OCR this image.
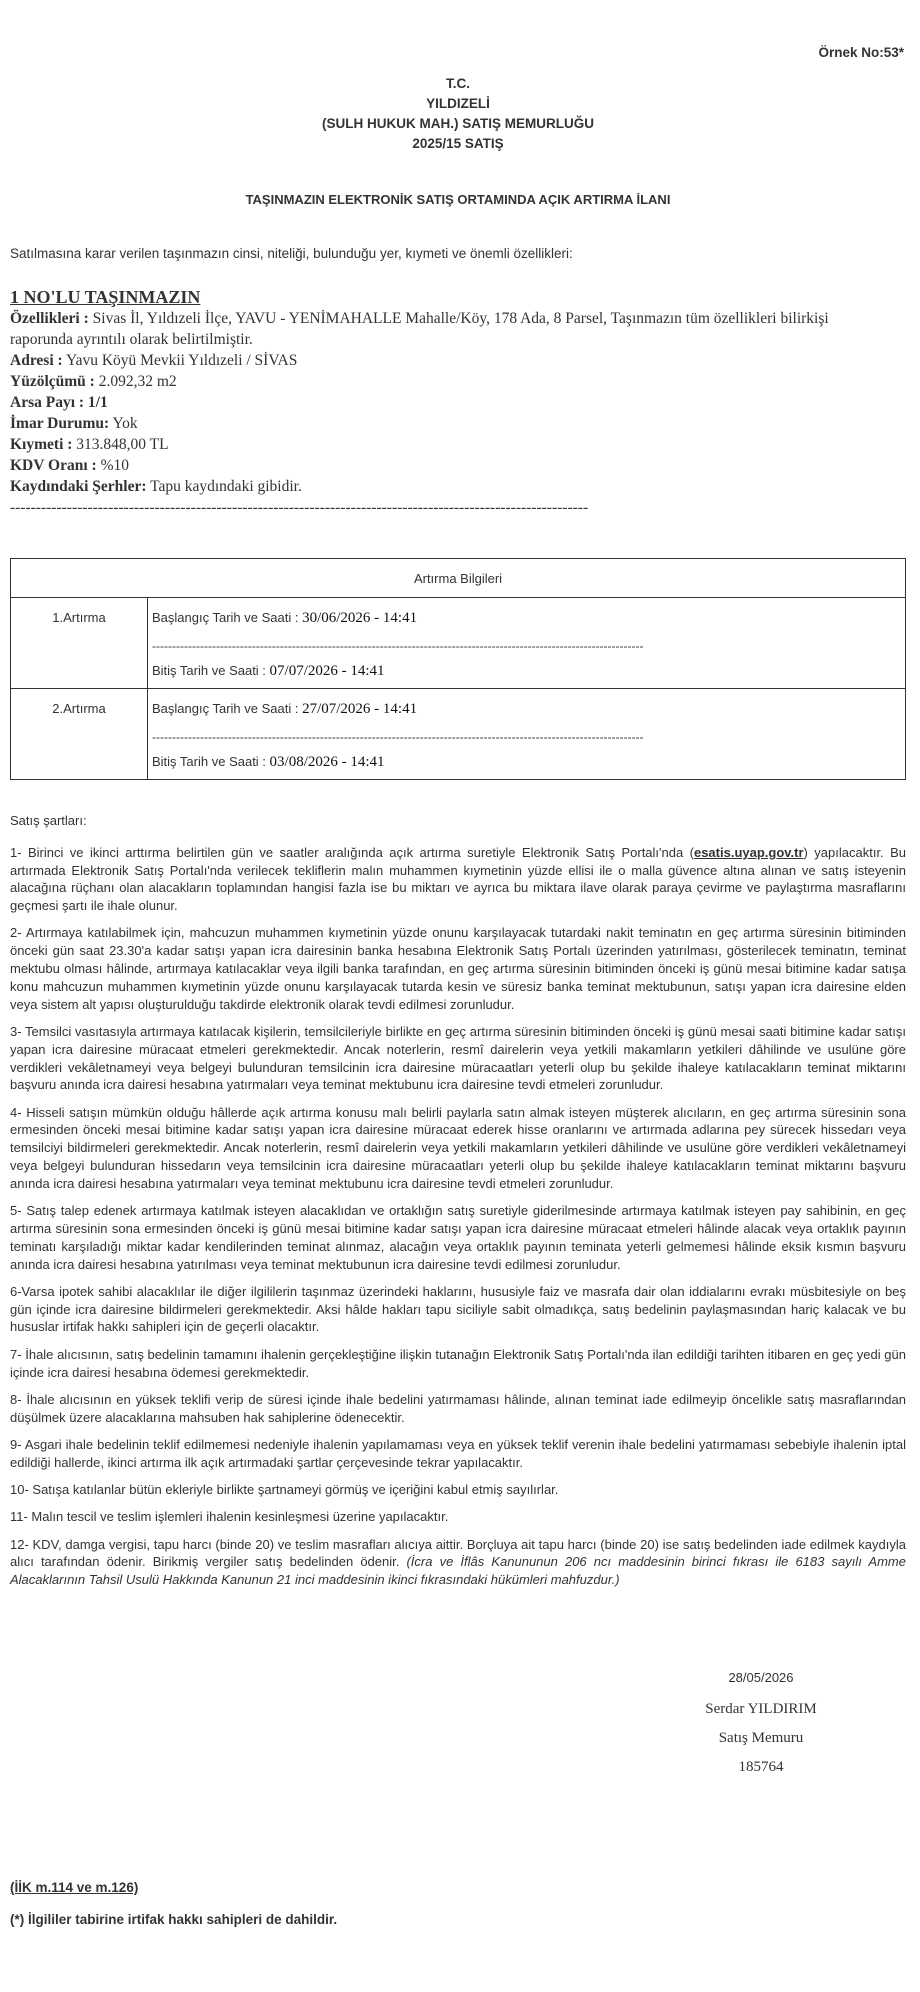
Örnek No:53*
T.C.
YILDIZELİ
(SULH HUKUK MAH.) SATIŞ MEMURLUĞU
2025/15 SATIŞ
TAŞINMAZIN ELEKTRONİK SATIŞ ORTAMINDA AÇIK ARTIRMA İLANI
Satılmasına karar verilen taşınmazın cinsi, niteliği, bulunduğu yer, kıymeti ve önemli özellikleri:
1 NO'LU TAŞINMAZIN
Özellikleri : Sivas İl, Yıldızeli İlçe, YAVU - YENİMAHALLE Mahalle/Köy, 178 Ada, 8 Parsel, Taşınmazın tüm özellikleri bilirkişi raporunda ayrıntılı olarak belirtilmiştir.
Adresi : Yavu Köyü Mevkii Yıldızeli / SİVAS
Yüzölçümü : 2.092,32 m2
Arsa Payı : 1/1
İmar Durumu: Yok
Kıymeti : 313.848,00 TL
KDV Oranı : %10
Kaydındaki Şerhler: Tapu kaydındaki gibidir.
----------------------------------------------------------------------------------------------------------------
Artırma Bilgileri	
1.Artırma	Başlangıç Tarih ve Saati : 30/06/2026 - 14:41
---------------------------------------------------------------------------------------------------------------------------
Bitiş Tarih ve Saati : 07/07/2026 - 14:41

2.Artırma	Başlangıç Tarih ve Saati : 27/07/2026 - 14:41
---------------------------------------------------------------------------------------------------------------------------
Bitiş Tarih ve Saati : 03/08/2026 - 14:41

Satış şartları:

1- Birinci ve ikinci arttırma belirtilen gün ve saatler aralığında açık artırma suretiyle Elektronik Satış Portalı'nda (esatis.uyap.gov.tr) yapılacaktır. Bu artırmada Elektronik Satış Portalı'nda verilecek tekliflerin malın muhammen kıymetinin yüzde ellisi ile o malla güvence altına alınan ve satış isteyenin alacağına rüçhanı olan alacakların toplamından hangisi fazla ise bu miktarı ve ayrıca bu miktara ilave olarak paraya çevirme ve paylaştırma masraflarını geçmesi şartı ile ihale olunur.

2- Artırmaya katılabilmek için, mahcuzun muhammen kıymetinin yüzde onunu karşılayacak tutardaki nakit teminatın en geç artırma süresinin bitiminden önceki gün saat 23.30'a kadar satışı yapan icra dairesinin banka hesabına Elektronik Satış Portalı üzerinden yatırılması, gösterilecek teminatın, teminat mektubu olması hâlinde, artırmaya katılacaklar veya ilgili banka tarafından, en geç artırma süresinin bitiminden önceki iş günü mesai bitimine kadar satışa konu mahcuzun muhammen kıymetinin yüzde onunu karşılayacak tutarda kesin ve süresiz banka teminat mektubunun, satışı yapan icra dairesine elden veya sistem alt yapısı oluşturulduğu takdirde elektronik olarak tevdi edilmesi zorunludur.

3- Temsilci vasıtasıyla artırmaya katılacak kişilerin, temsilcileriyle birlikte en geç artırma süresinin bitiminden önceki iş günü mesai saati bitimine kadar satışı yapan icra dairesine müracaat etmeleri gerekmektedir. Ancak noterlerin, resmî dairelerin veya yetkili makamların yetkileri dâhilinde ve usulüne göre verdikleri vekâletnameyi veya belgeyi bulunduran temsilcinin icra dairesine müracaatları yeterli olup bu şekilde ihaleye katılacakların teminat miktarını başvuru anında icra dairesi hesabına yatırmaları veya teminat mektubunu icra dairesine tevdi etmeleri zorunludur.

4- Hisseli satışın mümkün olduğu hâllerde açık artırma konusu malı belirli paylarla satın almak isteyen müşterek alıcıların, en geç artırma süresinin sona ermesinden önceki mesai bitimine kadar satışı yapan icra dairesine müracaat ederek hisse oranlarını ve artırmada adlarına pey sürecek hissedarı veya temsilciyi bildirmeleri gerekmektedir. Ancak noterlerin, resmî dairelerin veya yetkili makamların yetkileri dâhilinde ve usulüne göre verdikleri vekâletnameyi veya belgeyi bulunduran hissedarın veya temsilcinin icra dairesine müracaatları yeterli olup bu şekilde ihaleye katılacakların teminat miktarını başvuru anında icra dairesi hesabına yatırmaları veya teminat mektubunu icra dairesine tevdi etmeleri zorunludur.

5- Satış talep edenek artırmaya katılmak isteyen alacaklıdan ve ortaklığın satış suretiyle giderilmesinde artırmaya katılmak isteyen pay sahibinin, en geç artırma süresinin sona ermesinden önceki iş günü mesai bitimine kadar satışı yapan icra dairesine müracaat etmeleri hâlinde alacak veya ortaklık payının teminatı karşıladığı miktar kadar kendilerinden teminat alınmaz, alacağın veya ortaklık payının teminata yeterli gelmemesi hâlinde eksik kısmın başvuru anında icra dairesi hesabına yatırılması veya teminat mektubunun icra dairesine tevdi edilmesi zorunludur.

6-Varsa ipotek sahibi alacaklılar ile diğer ilgililerin taşınmaz üzerindeki haklarını, hususiyle faiz ve masrafa dair olan iddialarını evrakı müsbitesiyle on beş gün içinde icra dairesine bildirmeleri gerekmektedir. Aksi hâlde hakları tapu siciliyle sabit olmadıkça, satış bedelinin paylaşmasından hariç kalacak ve bu hususlar irtifak hakkı sahipleri için de geçerli olacaktır.

7- İhale alıcısının, satış bedelinin tamamını ihalenin gerçekleştiğine ilişkin tutanağın Elektronik Satış Portalı'nda ilan edildiği tarihten itibaren en geç yedi gün içinde icra dairesi hesabına ödemesi gerekmektedir.

8- İhale alıcısının en yüksek teklifi verip de süresi içinde ihale bedelini yatırmaması hâlinde, alınan teminat iade edilmeyip öncelikle satış masraflarından düşülmek üzere alacaklarına mahsuben hak sahiplerine ödenecektir.

9- Asgari ihale bedelinin teklif edilmemesi nedeniyle ihalenin yapılamaması veya en yüksek teklif verenin ihale bedelini yatırmaması sebebiyle ihalenin iptal edildiği hallerde, ikinci artırma ilk açık artırmadaki şartlar çerçevesinde tekrar yapılacaktır.

10- Satışa katılanlar bütün ekleriyle birlikte şartnameyi görmüş ve içeriğini kabul etmiş sayılırlar.

11- Malın tescil ve teslim işlemleri ihalenin kesinleşmesi üzerine yapılacaktır.

12- KDV, damga vergisi, tapu harcı (binde 20) ve teslim masrafları alıcıya aittir. Borçluya ait tapu harcı (binde 20) ise satış bedelinden iade edilmek kaydıyla alıcı tarafından ödenir. Birikmiş vergiler satış bedelinden ödenir. (İcra ve İflâs Kanununun 206 ncı maddesinin birinci fıkrası ile 6183 sayılı Amme Alacaklarının Tahsil Usulü Hakkında Kanunun 21 inci maddesinin ikinci fıkrasındaki hükümleri mahfuzdur.)

28/05/2026
Serdar YILDIRIM
Satış Memuru
185764
(İİK m.114 ve m.126)
(*) İlgililer tabirine irtifak hakkı sahipleri de dahildir.
